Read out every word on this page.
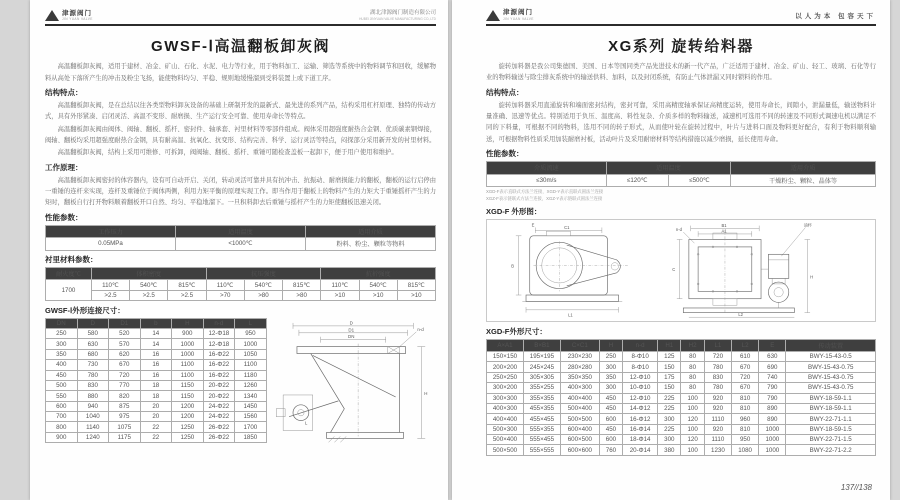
津源阀门
JIN YUAN VALVE
湖北津源阀门制造有限公司
HUBEI JINYUAN VALVE MANUFACTURING CO.,LTD
GWSF-Ⅰ高温翻板卸灰阀

高温翻板卸灰阀，适用于建材、冶金、矿山、石化、水泥、电力等行业，用于物料加工、运输、筛选等系统中的物料调节和回收，缓解物料从高处下落所产生的冲击及粉尘飞扬，能使物料均匀、平稳、规则地缓慢溜到受料装置上或下道工序。

结构特点：

高温翻板卸灰阀，是在总结以往各类型物料卸灰设备的基础上研制开发的最新式、最先进的系列产品，结构采用杠杆原理、独特的传动方式，具有外形紧凑、启闭灵活、高温不变形、耐磨损、生产运行安全可靠、使用寿命长等特点。

高温翻板卸灰阀由阀体、阀轴、翻板、摇杆、密封件、轴承套、衬里材料等零部件组成。阀体采用超强度耐热合金钢、优质碳素钢焊接，阀轴、翻板均采用超强度耐热合金钢，具有耐高温、抗氧化、抗变形、结构完善、科学、运行灵活等特点，闷探部分采用新开发的衬里材料。

高温翻板卸灰阀，结构上采用可维修、可拆卸，阀阀轴、翻板、摇杆、重锤可随检查盖板一起卸下，便于用户使用和维护。

工作原理：

高温翻板卸灰阀密封的体容器内，设有可自动开启、关闭，转动灵活可靠并具有抗冲击、抗振动、耐磨损能力的翻板，翻板的运行启停由一重锤的连杆来实现，连杆及重锤位于阀体两侧，利用力矩平衡的原理实现工作。即当作用于翻板上的物料产生的力矩大于重锤摇杆产生的力矩时，翻板自行打开物料顺着翻板开口自然、均匀、平稳地溜下。一旦积料卸去后重锤与摇杆产生的力矩使翻板迅速关闭。

性能参数：
工作压力	适用温度	适用介质
0.05MPa	<1000℃	粉料、粉尘、颗粒等物料
衬里材料参数：
耐火度℃	体积密度			抗压强度			抗折强度		
1700	110℃	540℃	815℃	110℃	540℃	815℃	110℃	540℃	815℃
	>2.5	>2.5	>2.5	>70	>80	>80	>10	>10	>10
GWSF-Ⅰ外形连接尺寸：
DN	D	D1	b	H	n-d	L
250	580	520	14	900	12-Φ18	950
300	630	570	14	1000	12-Φ18	1000
350	680	620	16	1000	16-Φ22	1050
400	730	670	16	1100	16-Φ22	1100
450	780	720	16	1100	16-Φ22	1180
500	830	770	18	1150	20-Φ22	1260
550	880	820	18	1150	20-Φ22	1340
600	940	875	20	1200	24-Φ22	1450
700	1040	975	20	1200	24-Φ22	1560
800	1140	1075	22	1250	26-Φ22	1700
900	1240	1175	22	1250	26-Φ22	1850
D
D1
DN
n-d
H
L
津源阀门
JIN YUAN VALVE	以人为本 包容天下
XG系列 旋转给料器

旋转加料器是我公司集德国、美国、日本等国同类产品先进技术的新一代产品，广泛适用于建材、冶金、矿山、轻工、玻璃、石化等行业的物料输送与除尘排灰系统中的输送供料、加料，以及封闭系统，有防止气体泄漏又同时锁料的作用。

结构特点：

旋转加料器采用直通旋转和端面密封结构，密封可靠，采用高精度轴承保证高精度运转，使用寿命长，间隙小，泄漏量低，输送物料计量准确、迅速等优点。特别适用于负压、温度高、料性复杂、介质多样的物料输送，减速机可选用不同的转速及不同形式调速电机以满足不同的下料量，可根据不同的物料，选用不同的转子形式，从而使叶轮在旋转过程中，叶片与进料口面及物料更好配合，有利于物料顺利输送，可根据物料性质采用加装耐磨衬板，活动叶片及采用耐磨材料等结构措施以减少磨损，延长使用寿命。

性能参数：
介质流速	适用温度		适用介质
≤30m/s	≤120℃	≤500℃	干燥粉尘、颗粒、晶体等
XGD-F表示直联式方法兰连接，XGD-Y表示直联式圆法兰连接
XGZ-F表示链联式方法兰连接，XGZ-Y表示链联式圆法兰连接
XGD-F 外形图：
E	C1
B
L1
B1
A1
n-d
油杯
C
H
L2
XGD-F外形尺寸：
A×A1	B×B1	C×C1	H	n-d	H1	H2	L1	L2	E	传动装置
150×150	195×195	230×230	250	8-Φ10	125	80	720	610	630	BWY-15-43-0.5
200×200	245×245	280×280	300	8-Φ10	150	80	780	670	690	BWY-15-43-0.75
250×250	305×305	350×350	350	12-Φ10	175	80	830	720	740	BWY-15-43-0.75
300×200	355×255	400×300	300	10-Φ10	150	80	780	670	790	BWY-15-43-0.75
300×300	355×355	400×400	450	12-Φ10	225	100	920	810	790	BWY-18-59-1.1
400×300	455×355	500×400	450	14-Φ12	225	100	920	810	890	BWY-18-59-1.1
400×400	455×455	500×500	600	16-Φ12	300	120	1110	960	890	BWY-22-71-1.1
500×300	555×355	600×400	450	16-Φ14	225	100	920	810	1000	BWY-18-59-1.5
500×400	555×455	600×500	600	18-Φ14	300	120	1110	950	1000	BWY-22-71-1.5
500×500	555×555	600×600	760	20-Φ14	380	100	1230	1080	1000	BWY-22-71-2.2
137//138
